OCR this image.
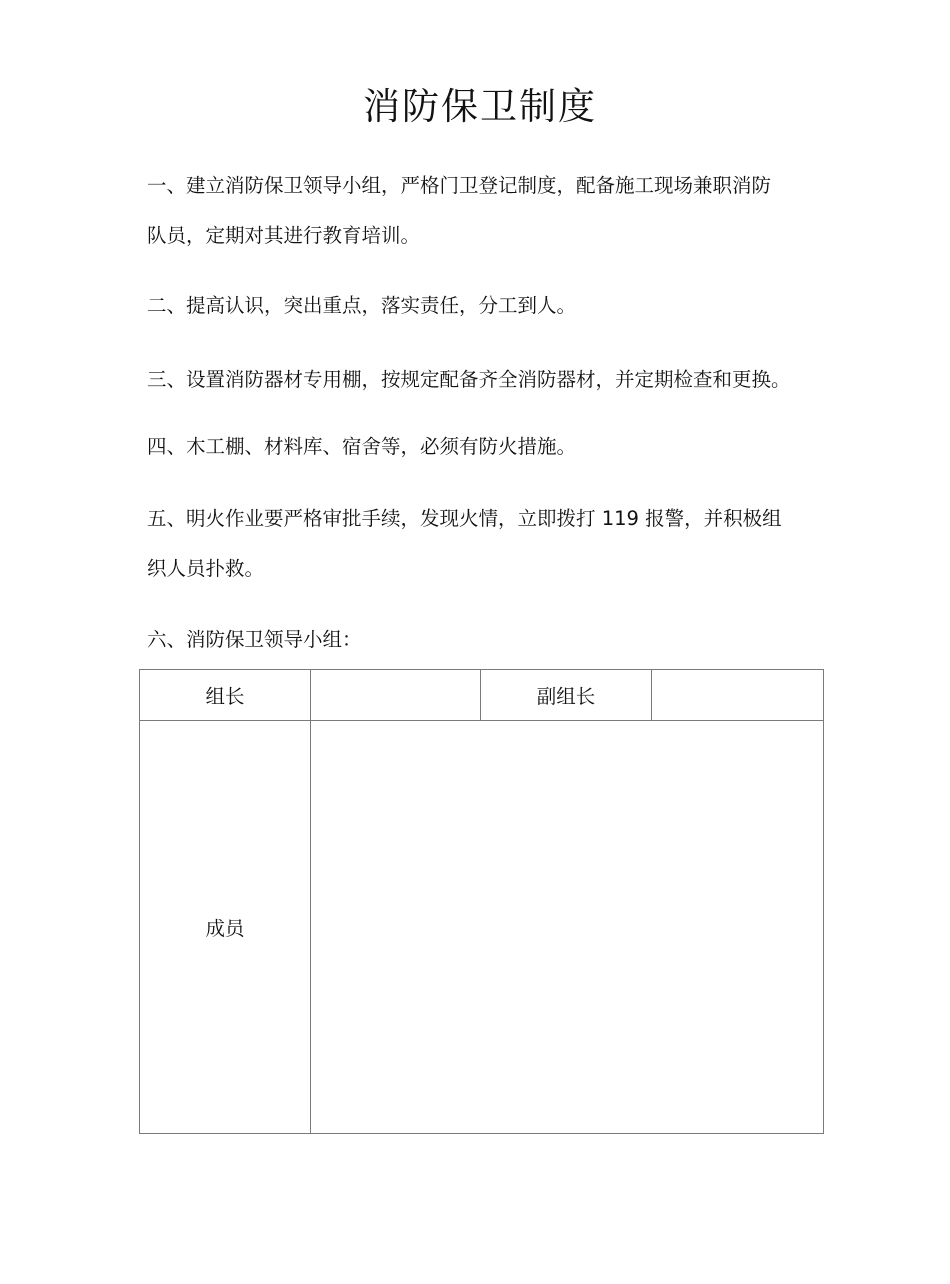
消防保卫制度
一、建立消防保卫领导小组，严格门卫登记制度，配备施工现场兼职消防
队员，定期对其进行教育培训。
二、提高认识，突出重点，落实责任，分工到人。
三、设置消防器材专用棚，按规定配备齐全消防器材，并定期检查和更换。
四、木工棚、材料库、宿舍等，必须有防火措施。
五、明火作业要严格审批手续，发现火情，立即拨打 119 报警，并积极组
织人员扑救。
六、消防保卫领导小组：
组长		副组长	
成员			
